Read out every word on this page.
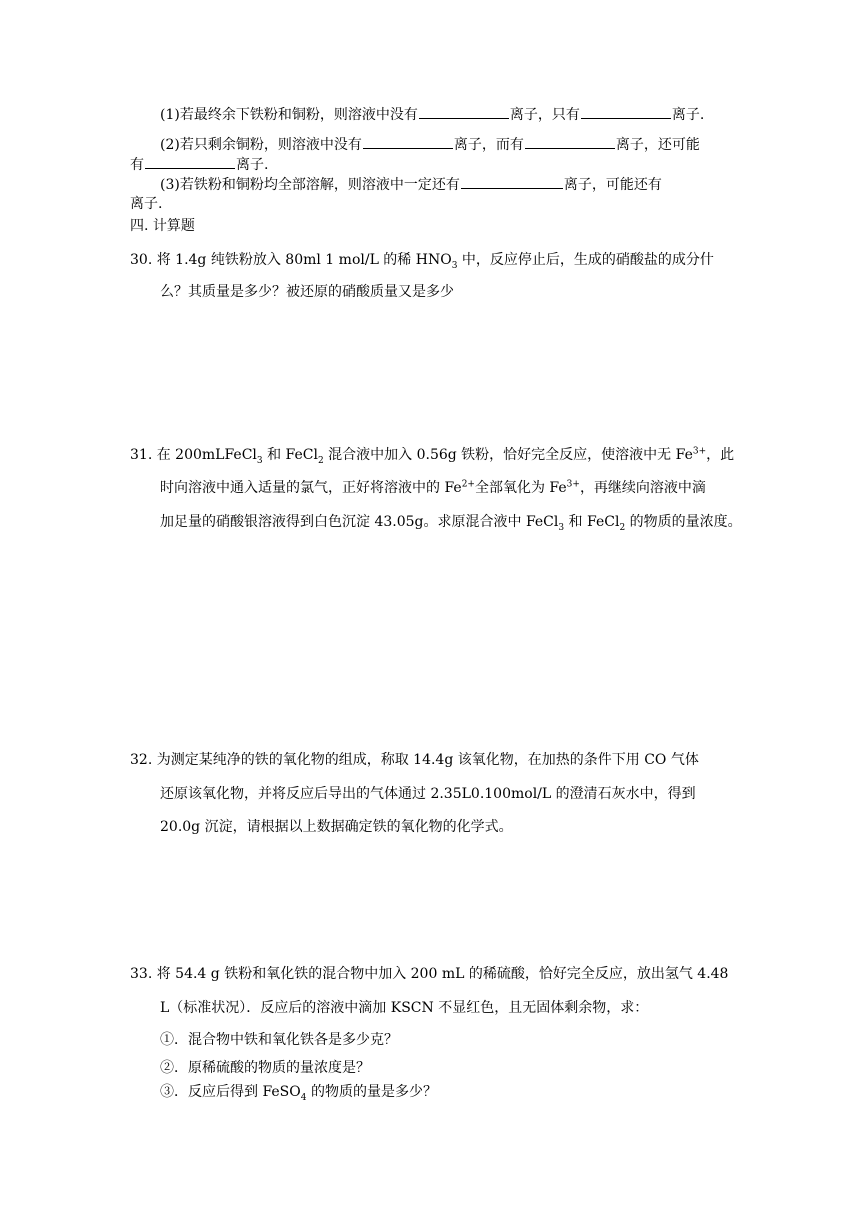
(1)若最终余下铁粉和铜粉，则溶液中没有	离子，只有	离子.
(2)若只剩余铜粉，则溶液中没有	离子，而有	离子，还可能
有	离子.
(3)若铁粉和铜粉均全部溶解，则溶液中一定还有	离子，可能还有
离子.
四. 计算题
30. 将 1.4g 纯铁粉放入 80ml 1 mol/L 的稀 $HNO_3$ 中，反应停止后，生成的硝酸盐的成分什
么？其质量是多少？被还原的硝酸质量又是多少
31. 在 200mLFeCl$_3$ 和 FeCl$_2$ 混合液中加入 0.56g 铁粉，恰好完全反应，使溶液中无 $Fe^{3+}$，此
时向溶液中通入适量的氯气，正好将溶液中的 $Fe^{2+}$全部氧化为 $Fe^{3+}$，再继续向溶液中滴
加足量的硝酸银溶液得到白色沉淀 43.05g。求原混合液中 FeCl$_3$ 和 FeCl$_2$ 的物质的量浓度。
32. 为测定某纯净的铁的氧化物的组成，称取 14.4g 该氧化物，在加热的条件下用 CO 气体
还原该氧化物，并将反应后导出的气体通过 2.35L0.100mol/L 的澄清石灰水中，得到
20.0g 沉淀，请根据以上数据确定铁的氧化物的化学式。
33. 将 54.4 g 铁粉和氧化铁的混合物中加入 200 mL 的稀硫酸，恰好完全反应，放出氢气 4.48
L（标准状况）．反应后的溶液中滴加 KSCN 不显红色，且无固体剩余物，求：
①．混合物中铁和氧化铁各是多少克？
②．原稀硫酸的物质的量浓度是？
③．反应后得到 FeSO$_4$ 的物质的量是多少？
